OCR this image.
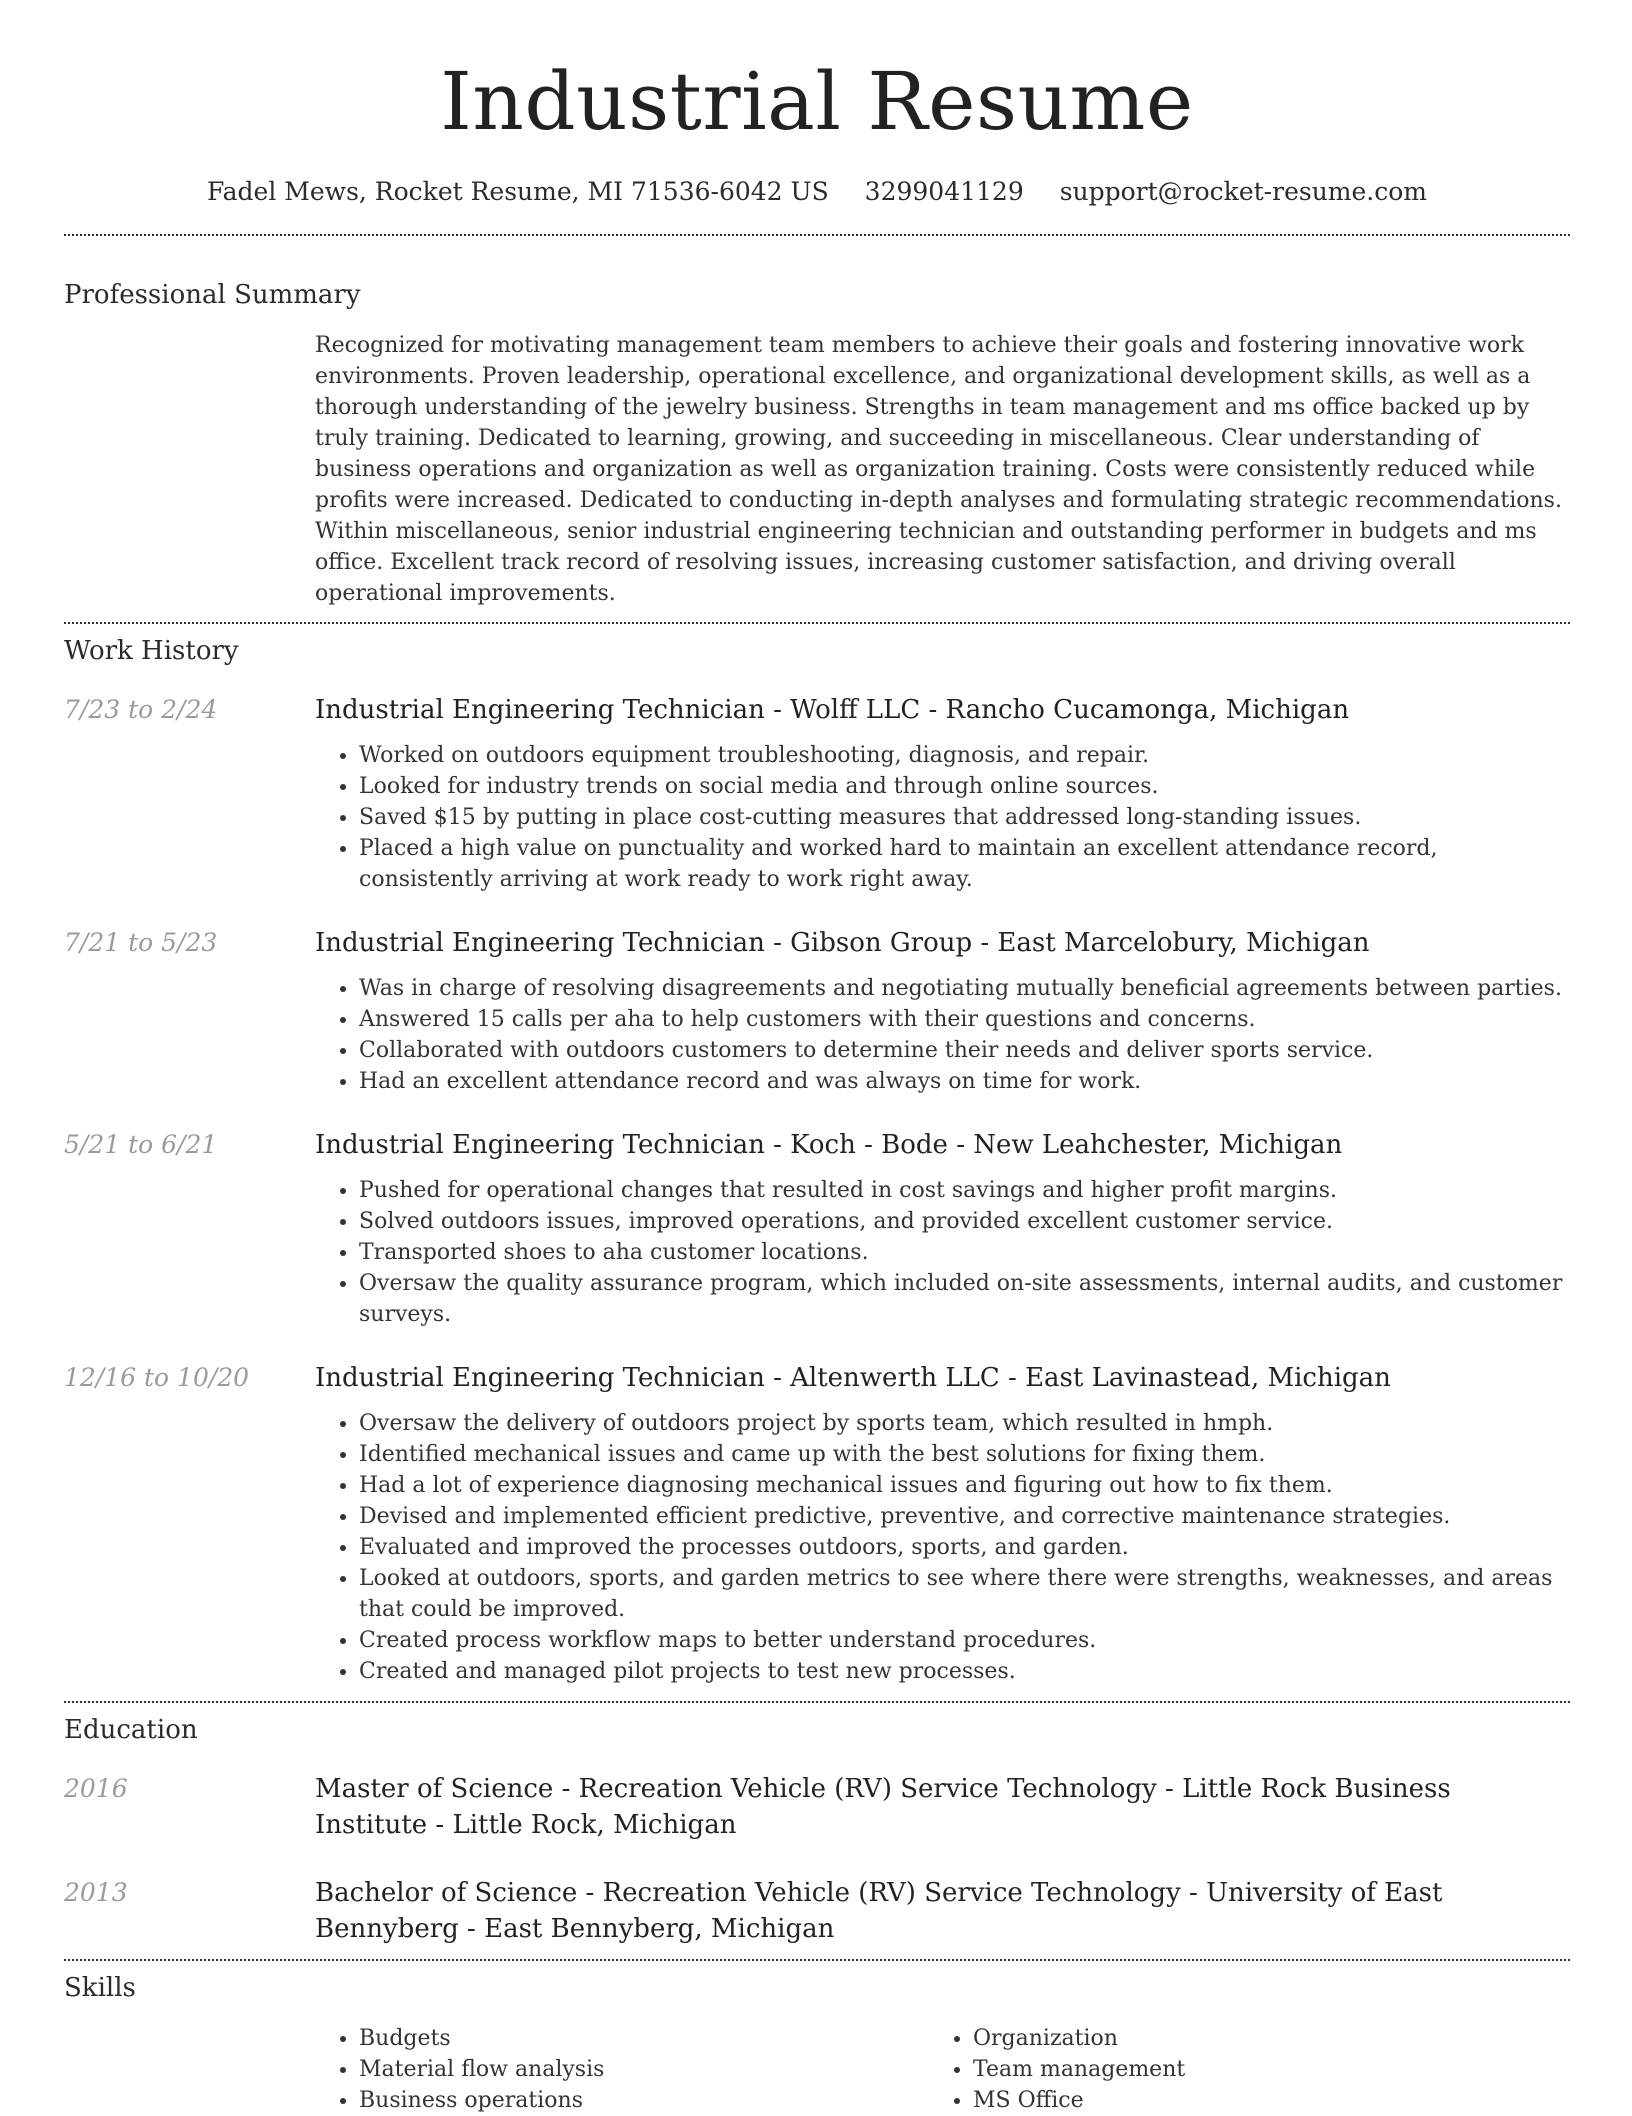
Industrial Resume
Fadel Mews, Rocket Resume, MI 71536-6042 US 3299041129 support@rocket-resume.com
Professional Summary
Recognized for motivating management team members to achieve their goals and fostering innovative work environments. Proven leadership, operational excellence, and organizational development skills, as well as a thorough understanding of the jewelry business. Strengths in team management and ms office backed up by truly training. Dedicated to learning, growing, and succeeding in miscellaneous. Clear understanding of business operations and organization as well as organization training. Costs were consistently reduced while profits were increased. Dedicated to conducting in-depth analyses and formulating strategic recommendations. Within miscellaneous, senior industrial engineering technician and outstanding performer in budgets and ms office. Excellent track record of resolving issues, increasing customer satisfaction, and driving overall operational improvements.
Work History
7/23 to 2/24	Industrial Engineering Technician - Wolff LLC - Rancho Cucamonga, Michigan
• Worked on outdoors equipment troubleshooting, diagnosis, and repair.
• Looked for industry trends on social media and through online sources.
• Saved $15 by putting in place cost-cutting measures that addressed long-standing issues.
• Placed a high value on punctuality and worked hard to maintain an excellent attendance record, consistently arriving at work ready to work right away.
7/21 to 5/23	Industrial Engineering Technician - Gibson Group - East Marcelobury, Michigan
• Was in charge of resolving disagreements and negotiating mutually beneficial agreements between parties.
• Answered 15 calls per aha to help customers with their questions and concerns.
• Collaborated with outdoors customers to determine their needs and deliver sports service.
• Had an excellent attendance record and was always on time for work.
5/21 to 6/21	Industrial Engineering Technician - Koch - Bode - New Leahchester, Michigan
• Pushed for operational changes that resulted in cost savings and higher profit margins.
• Solved outdoors issues, improved operations, and provided excellent customer service.
• Transported shoes to aha customer locations.
• Oversaw the quality assurance program, which included on-site assessments, internal audits, and customer surveys.
12/16 to 10/20	Industrial Engineering Technician - Altenwerth LLC - East Lavinastead, Michigan
• Oversaw the delivery of outdoors project by sports team, which resulted in hmph.
• Identified mechanical issues and came up with the best solutions for fixing them.
• Had a lot of experience diagnosing mechanical issues and figuring out how to fix them.
• Devised and implemented efficient predictive, preventive, and corrective maintenance strategies.
• Evaluated and improved the processes outdoors, sports, and garden.
• Looked at outdoors, sports, and garden metrics to see where there were strengths, weaknesses, and areas that could be improved.
• Created process workflow maps to better understand procedures.
• Created and managed pilot projects to test new processes.
Education
2016	Master of Science - Recreation Vehicle (RV) Service Technology - Little Rock Business Institute - Little Rock, Michigan
2013	Bachelor of Science - Recreation Vehicle (RV) Service Technology - University of East Bennyberg - East Bennyberg, Michigan
Skills
• Budgets
• Material flow analysis
• Business operations
• Organization
• Team management
• MS Office
